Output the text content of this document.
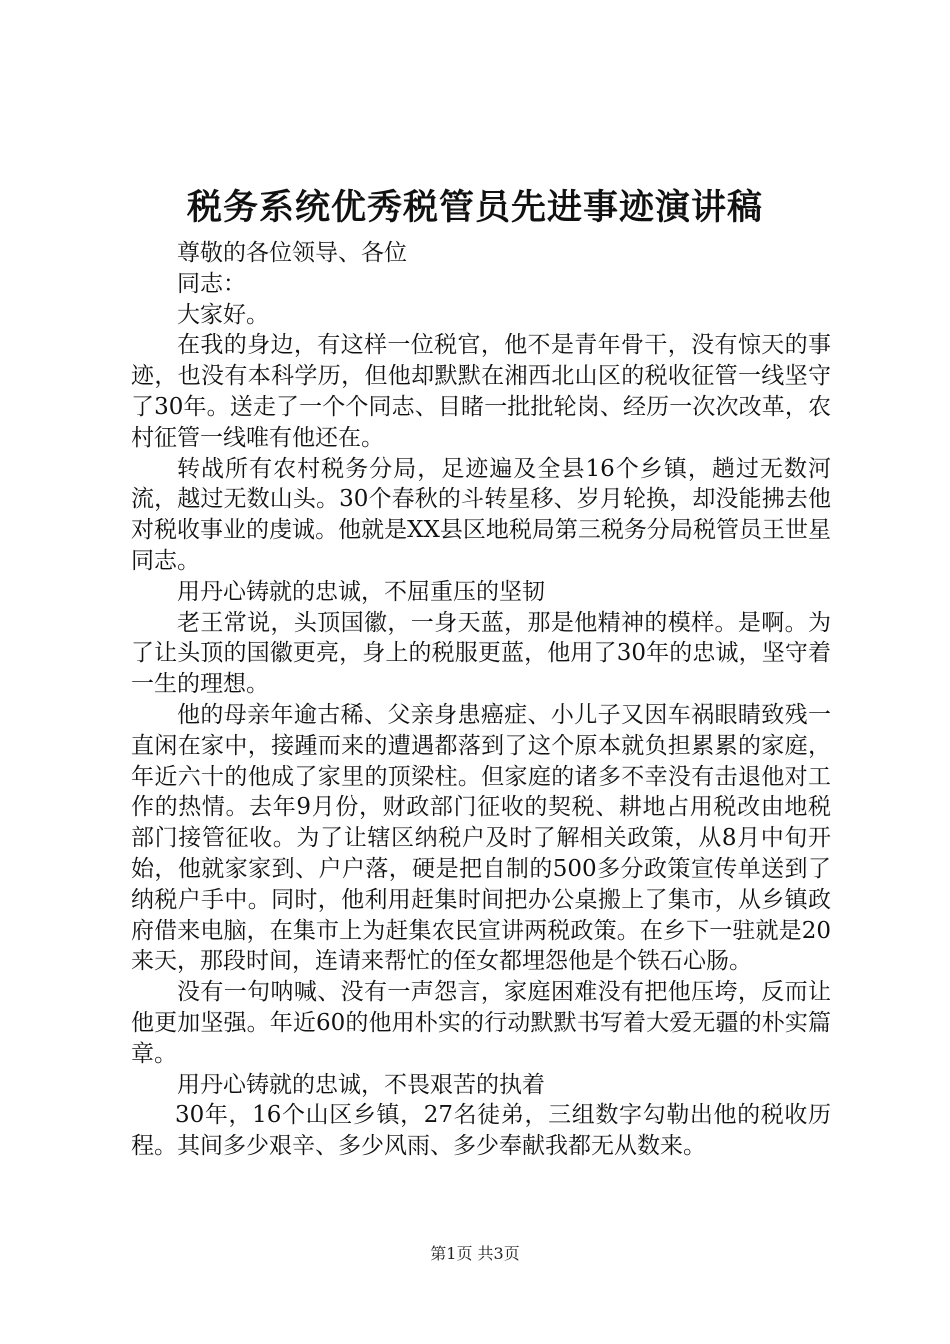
税务系统优秀税管员先进事迹演讲稿

尊敬的各位领导、各位

同志：

大家好。

在我的身边，有这样一位税官，他不是青年骨干，没有惊天的事迹，也没有本科学历，但他却默默在湘西北山区的税收征管一线坚守了30年。送走了一个个同志、目睹一批批轮岗、经历一次次改革，农村征管一线唯有他还在。

转战所有农村税务分局，足迹遍及全县16个乡镇，趟过无数河流，越过无数山头。30个春秋的斗转星移、岁月轮换，却没能拂去他对税收事业的虔诚。他就是XX县区地税局第三税务分局税管员王世星同志。

用丹心铸就的忠诚，不屈重压的坚韧

老王常说，头顶国徽，一身天蓝，那是他精神的模样。是啊。为了让头顶的国徽更亮，身上的税服更蓝，他用了30年的忠诚，坚守着一生的理想。

他的母亲年逾古稀、父亲身患癌症、小儿子又因车祸眼睛致残一直闲在家中，接踵而来的遭遇都落到了这个原本就负担累累的家庭，年近六十的他成了家里的顶梁柱。但家庭的诸多不幸没有击退他对工作的热情。去年9月份，财政部门征收的契税、耕地占用税改由地税部门接管征收。为了让辖区纳税户及时了解相关政策，从8月中旬开始，他就家家到、户户落，硬是把自制的500多分政策宣传单送到了纳税户手中。同时，他利用赶集时间把办公桌搬上了集市，从乡镇政府借来电脑，在集市上为赶集农民宣讲两税政策。在乡下一驻就是20来天，那段时间，连请来帮忙的侄女都埋怨他是个铁石心肠。

没有一句呐喊、没有一声怨言，家庭困难没有把他压垮，反而让他更加坚强。年近60的他用朴实的行动默默书写着大爱无疆的朴实篇章。

用丹心铸就的忠诚，不畏艰苦的执着

30年，16个山区乡镇，27名徒弟，三组数字勾勒出他的税收历程。其间多少艰辛、多少风雨、多少奉献我都无从数来。

第1页 共3页
